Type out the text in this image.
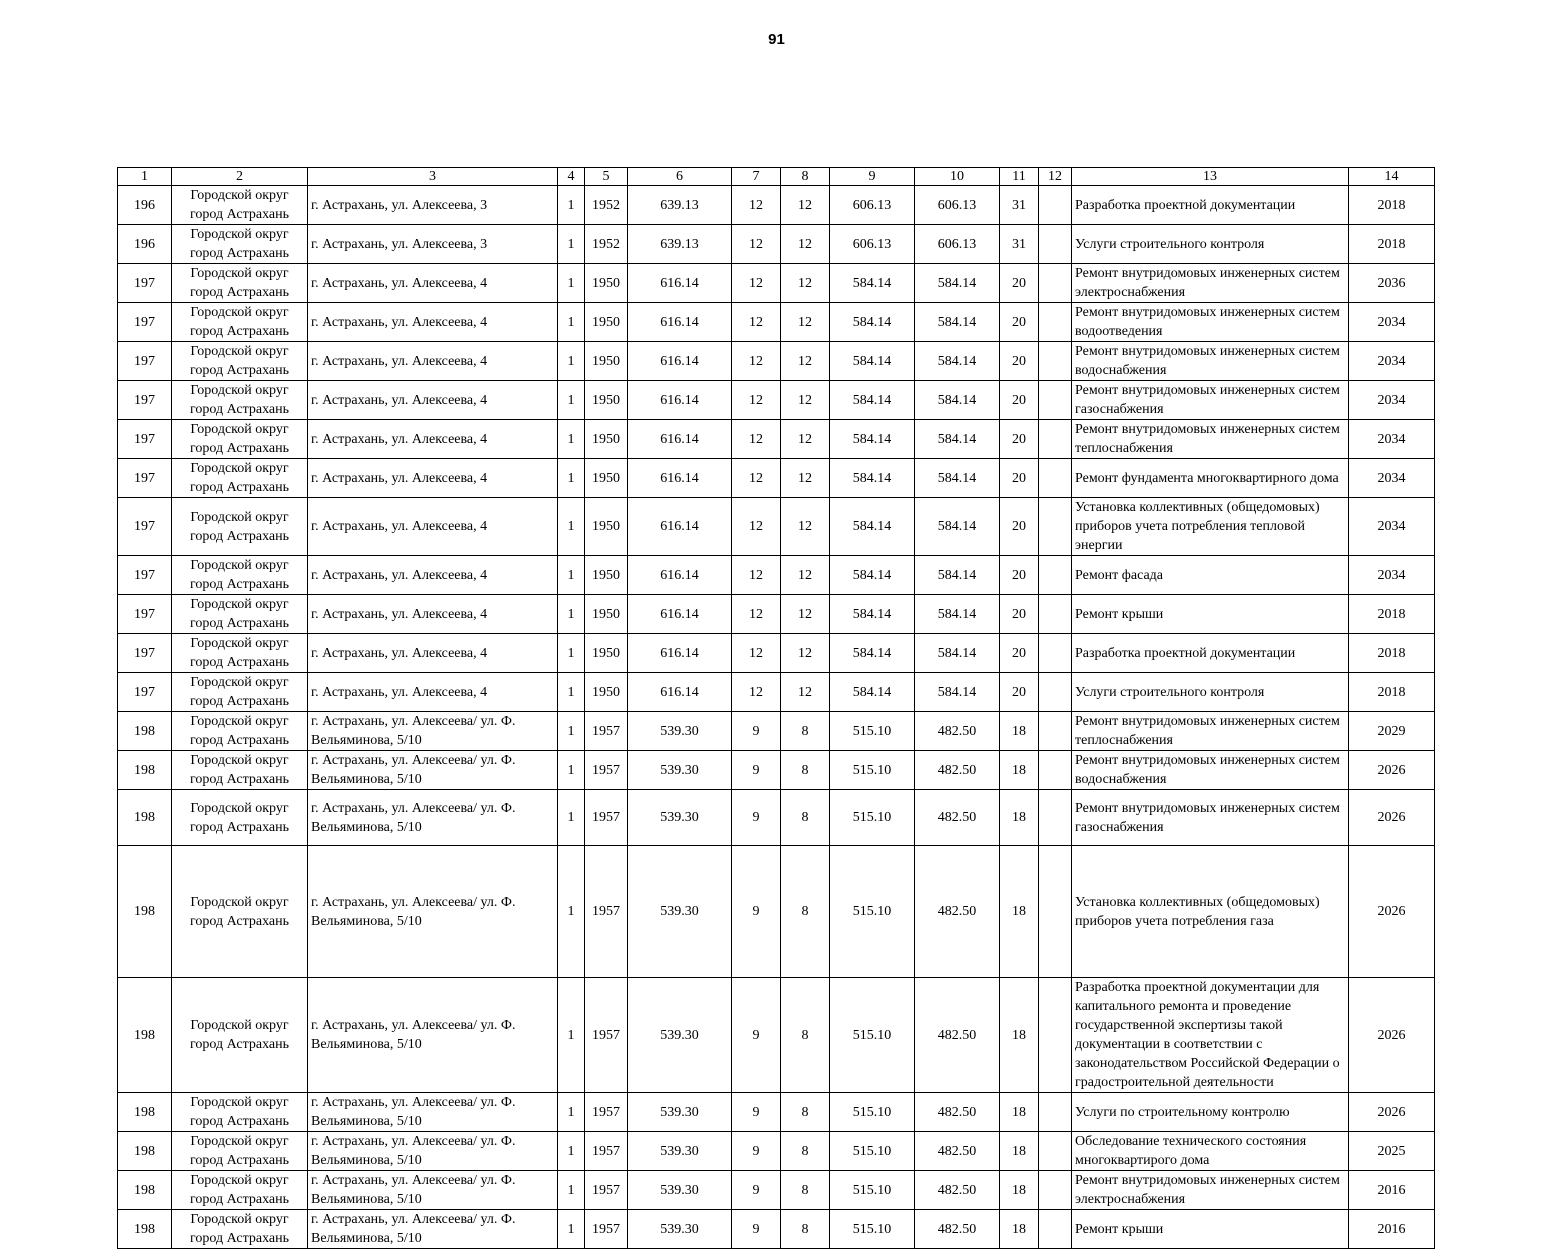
91
1	2	3	4	5	6	7	8	9	10	11	12	13	14
196	Городской округ город Астрахань	г. Астрахань, ул. Алексеева, 3	1	1952	639.13	12	12	606.13	606.13	31		Разработка проектной документации	2018
196	Городской округ город Астрахань	г. Астрахань, ул. Алексеева, 3	1	1952	639.13	12	12	606.13	606.13	31		Услуги строительного контроля	2018
197	Городской округ город Астрахань	г. Астрахань, ул. Алексеева, 4	1	1950	616.14	12	12	584.14	584.14	20		Ремонт внутридомовых инженерных систем электроснабжения	2036
197	Городской округ город Астрахань	г. Астрахань, ул. Алексеева, 4	1	1950	616.14	12	12	584.14	584.14	20		Ремонт внутридомовых инженерных систем водоотведения	2034
197	Городской округ город Астрахань	г. Астрахань, ул. Алексеева, 4	1	1950	616.14	12	12	584.14	584.14	20		Ремонт внутридомовых инженерных систем водоснабжения	2034
197	Городской округ город Астрахань	г. Астрахань, ул. Алексеева, 4	1	1950	616.14	12	12	584.14	584.14	20		Ремонт внутридомовых инженерных систем газоснабжения	2034
197	Городской округ город Астрахань	г. Астрахань, ул. Алексеева, 4	1	1950	616.14	12	12	584.14	584.14	20		Ремонт внутридомовых инженерных систем теплоснабжения	2034
197	Городской округ город Астрахань	г. Астрахань, ул. Алексеева, 4	1	1950	616.14	12	12	584.14	584.14	20		Ремонт фундамента многоквартирного дома	2034
197	Городской округ город Астрахань	г. Астрахань, ул. Алексеева, 4	1	1950	616.14	12	12	584.14	584.14	20		Установка коллективных (общедомовых) приборов учета потребления тепловой энергии	2034
197	Городской округ город Астрахань	г. Астрахань, ул. Алексеева, 4	1	1950	616.14	12	12	584.14	584.14	20		Ремонт фасада	2034
197	Городской округ город Астрахань	г. Астрахань, ул. Алексеева, 4	1	1950	616.14	12	12	584.14	584.14	20		Ремонт крыши	2018
197	Городской округ город Астрахань	г. Астрахань, ул. Алексеева, 4	1	1950	616.14	12	12	584.14	584.14	20		Разработка проектной документации	2018
197	Городской округ город Астрахань	г. Астрахань, ул. Алексеева, 4	1	1950	616.14	12	12	584.14	584.14	20		Услуги строительного контроля	2018
198	Городской округ город Астрахань	г. Астрахань, ул. Алексеева/ ул. Ф. Вельяминова, 5/10	1	1957	539.30	9	8	515.10	482.50	18		Ремонт внутридомовых инженерных систем теплоснабжения	2029
198	Городской округ город Астрахань	г. Астрахань, ул. Алексеева/ ул. Ф. Вельяминова, 5/10	1	1957	539.30	9	8	515.10	482.50	18		Ремонт внутридомовых инженерных систем водоснабжения	2026
198	Городской округ город Астрахань	г. Астрахань, ул. Алексеева/ ул. Ф. Вельяминова, 5/10	1	1957	539.30	9	8	515.10	482.50	18		Ремонт внутридомовых инженерных систем газоснабжения	2026
198	Городской округ город Астрахань	г. Астрахань, ул. Алексеева/ ул. Ф. Вельяминова, 5/10	1	1957	539.30	9	8	515.10	482.50	18		Установка коллективных (общедомовых) приборов учета потребления газа	2026
198	Городской округ город Астрахань	г. Астрахань, ул. Алексеева/ ул. Ф. Вельяминова, 5/10	1	1957	539.30	9	8	515.10	482.50	18		Разработка проектной документации для капитального ремонта и проведение государственной экспертизы такой документации в соответствии с законодательством Российской Федерации о градостроительной деятельности	2026
198	Городской округ город Астрахань	г. Астрахань, ул. Алексеева/ ул. Ф. Вельяминова, 5/10	1	1957	539.30	9	8	515.10	482.50	18		Услуги по строительному контролю	2026
198	Городской округ город Астрахань	г. Астрахань, ул. Алексеева/ ул. Ф. Вельяминова, 5/10	1	1957	539.30	9	8	515.10	482.50	18		Обследование технического состояния многоквартирого дома	2025
198	Городской округ город Астрахань	г. Астрахань, ул. Алексеева/ ул. Ф. Вельяминова, 5/10	1	1957	539.30	9	8	515.10	482.50	18		Ремонт внутридомовых инженерных систем электроснабжения	2016
198	Городской округ город Астрахань	г. Астрахань, ул. Алексеева/ ул. Ф. Вельяминова, 5/10	1	1957	539.30	9	8	515.10	482.50	18		Ремонт крыши	2016
